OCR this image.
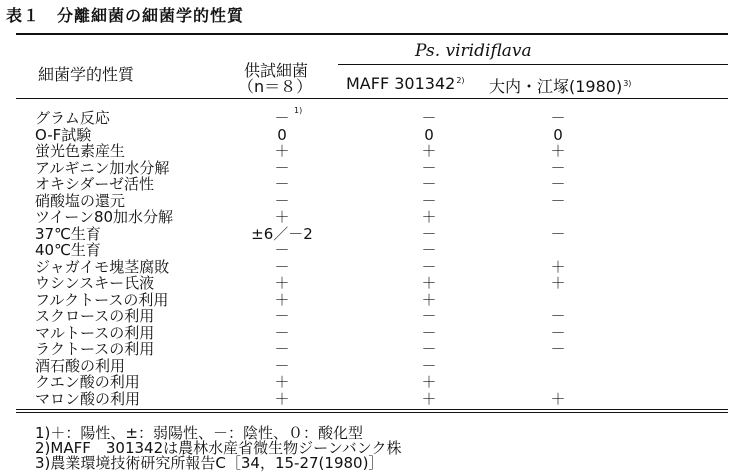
表１　分離細菌の細菌学的性質
細菌学的性質	供試細菌
（n＝８）
Ps. viridiflava
MAFF 301342$^{2)}$ 大内・江塚$(1980)^{3)}$
1)
グラム反応	－	－	－
O-F試験	0	0	0
蛍光色素産生	＋	＋	＋
アルギニン加水分解	－	－	－
オキシダーゼ活性	－	－	－
硝酸塩の還元	－	－	－
ツイーン80加水分解	＋	＋
37℃生育	±6／－2	－	－
40℃生育	－	－
ジャガイモ塊茎腐敗	－	－	＋
ウシンスキー氏液	＋	＋	＋
フルクトースの利用	＋	＋
スクロースの利用	－	－	－
マルトースの利用	－	－	－
ラクトースの利用	－	－	－
酒石酸の利用	－	－
クエン酸の利用	＋	＋
マロン酸の利用	＋	＋	＋
1)＋：陽性、±：弱陽性、－：陰性、０：酸化型
2)MAFF　301342は農林水産省微生物ジーンバンク株
3)農業環境技術研究所報告C［34，15-27(1980)］
